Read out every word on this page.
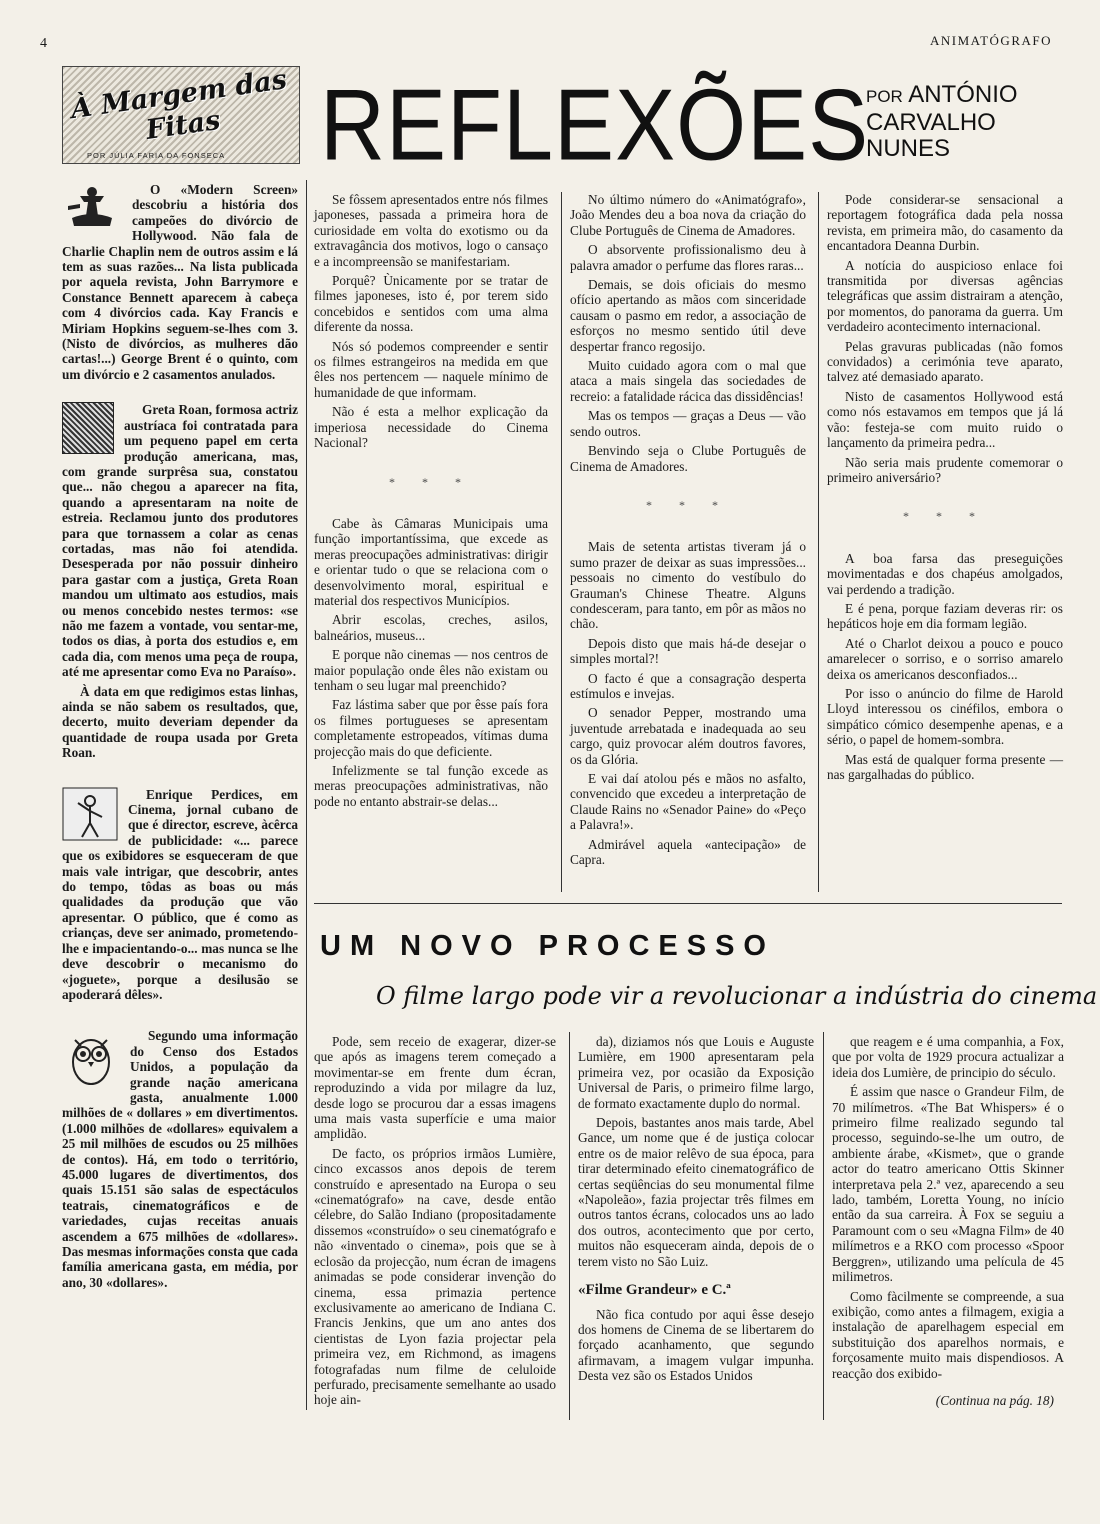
4	ANIMATÓGRAFO
À Margem das Fitas
POR JÚLIA FARIA DA FONSECA

O «Modern Screen» descobriu a história dos campeões do divórcio de Hollywood. Não fala de Charlie Chaplin nem de outros assim e lá tem as suas razões... Na lista publicada por aquela revista, John Barrymore e Constance Bennett aparecem à cabeça com 4 divórcios cada. Kay Francis e Miriam Hopkins seguem-se-lhes com 3. (Nisto de divórcios, as mulheres dão cartas!...) George Brent é o quinto, com um divórcio e 2 casamentos anulados.

Greta Roan, formosa actriz austríaca foi contratada para um pequeno papel em certa produção americana, mas, com grande surprêsa sua, constatou que... não chegou a aparecer na fita, quando a apresentaram na noite de estreia. Reclamou junto dos produtores para que tornassem a colar as cenas cortadas, mas não foi atendida. Desesperada por não possuir dinheiro para gastar com a justiça, Greta Roan mandou um ultimato aos estudios, mais ou menos concebido nestes termos: «se não me fazem a vontade, vou sentar-me, todos os dias, à porta dos estudios e, em cada dia, com menos uma peça de roupa, até me apresentar como Eva no Paraíso».

À data em que redigimos estas linhas, ainda se não sabem os resultados, que, decerto, muito deveriam depender da quantidade de roupa usada por Greta Roan.

Enrique Perdices, em Cinema, jornal cubano de que é director, escreve, àcêrca de publicidade: «... parece que os exibidores se esqueceram de que mais vale intrigar, que descobrir, antes do tempo, tôdas as boas ou más qualidades da produção que vão apresentar. O público, que é como as crianças, deve ser animado, prometendo-lhe e impacientando-o... mas nunca se lhe deve descobrir o mecanismo do «joguete», porque a desilusão se apoderará dêles».

Segundo uma informação do Censo dos Estados Unidos, a população da grande nação americana gasta, anualmente 1.000 milhões de « dollares » em divertimentos. (1.000 milhões de «dollares» equivalem a 25 mil milhões de escudos ou 25 milhões de contos). Há, em todo o território, 45.000 lugares de divertimentos, dos quais 15.151 são salas de espectáculos teatrais, cinematográficos e de variedades, cujas receitas anuais ascendem a 675 milhões de «dollares». Das mesmas informações consta que cada família americana gasta, em média, por ano, 30 «dollares».

REFLEXÕES
POR ANTÓNIO
CARVALHO
NUNES

Se fôssem apresentados entre nós filmes japoneses, passada a primeira hora de curiosidade em volta do exotismo ou da extravagância dos motivos, logo o cansaço e a incompreensão se manifestariam.

Porquê? Ùnicamente por se tratar de filmes japoneses, isto é, por terem sido concebidos e sentidos com uma alma diferente da nossa.

Nós só podemos compreender e sentir os filmes estrangeiros na medida em que êles nos pertencem — naquele mínimo de humanidade de que informam.

Não é esta a melhor explicação da imperiosa necessidade do Cinema Nacional?

* * *

Cabe às Câmaras Municipais uma função importantíssima, que excede as meras preocupações administrativas: dirigir e orientar tudo o que se relaciona com o desenvolvimento moral, espiritual e material dos respectivos Municípios.

Abrir escolas, creches, asilos, balneários, museus...

E porque não cinemas — nos centros de maior população onde êles não existam ou tenham o seu lugar mal preenchido?

Faz lástima saber que por êsse país fora os filmes portugueses se apresentam completamente estropeados, vítimas duma projecção mais do que deficiente.

Infelizmente se tal função excede as meras preocupações administrativas, não pode no entanto abstrair-se delas...

No último número do «Animatógrafo», João Mendes deu a boa nova da criação do Clube Português de Cinema de Amadores.

O absorvente profissionalismo deu à palavra amador o perfume das flores raras...

Demais, se dois oficiais do mesmo ofício apertando as mãos com sinceridade causam o pasmo em redor, a associação de esforços no mesmo sentido útil deve despertar franco regosijo.

Muito cuidado agora com o mal que ataca a mais singela das sociedades de recreio: a fatalidade rácica das dissidências!

Mas os tempos — graças a Deus — vão sendo outros.

Benvindo seja o Clube Português de Cinema de Amadores.

* * *

Mais de setenta artistas tiveram já o sumo prazer de deixar as suas impressões... pessoais no cimento do vestíbulo do Grauman's Chinese Theatre. Alguns condesceram, para tanto, em pôr as mãos no chão.

Depois disto que mais há-de desejar o simples mortal?!

O facto é que a consagração desperta estímulos e invejas.

O senador Pepper, mostrando uma juventude arrebatada e inadequada ao seu cargo, quiz provocar além doutros favores, os da Glória.

E vai daí atolou pés e mãos no asfalto, convencido que excedeu a interpretação de Claude Rains no «Senador Paine» do «Peço a Palavra!».

Admirável aquela «antecipação» de Capra.

Pode considerar-se sensacional a reportagem fotográfica dada pela nossa revista, em primeira mão, do casamento da encantadora Deanna Durbin.

A notícia do auspicioso enlace foi transmitida por diversas agências telegráficas que assim distrairam a atenção, por momentos, do panorama da guerra. Um verdadeiro acontecimento internacional.

Pelas gravuras publicadas (não fomos convidados) a cerimónia teve aparato, talvez até demasiado aparato.

Nisto de casamentos Hollywood está como nós estavamos em tempos que já lá vão: festeja-se com muito ruido o lançamento da primeira pedra...

Não seria mais prudente comemorar o primeiro aniversário?

* * *

A boa farsa das preseguições movimentadas e dos chapéus amolgados, vai perdendo a tradição.

E é pena, porque faziam deveras rir: os hepáticos hoje em dia formam legião.

Até o Charlot deixou a pouco e pouco amarelecer o sorriso, e o sorriso amarelo deixa os americanos desconfiados...

Por isso o anúncio do filme de Harold Lloyd interessou os cinéfilos, embora o simpático cómico desempenhe apenas, e a sério, o papel de homem-sombra.

Mas está de qualquer forma presente — nas gargalhadas do público.

UM NOVO PROCESSO
O filme largo pode vir a revolucionar a indústria do cinema

Pode, sem receio de exagerar, dizer-se que após as imagens terem começado a movimentar-se em frente dum écran, reproduzindo a vida por milagre da luz, desde logo se procurou dar a essas imagens uma mais vasta superfície e uma maior amplidão.

De facto, os próprios irmãos Lumière, cinco excassos anos depois de terem construído e apresentado na Europa o seu «cinematógrafo» na cave, desde então célebre, do Salão Indiano (propositadamente dissemos «construído» o seu cinematógrafo e não «inventado o cinema», pois que se à eclosão da projecção, num écran de imagens animadas se pode considerar invenção do cinema, essa primazia pertence exclusivamente ao americano de Indiana C. Francis Jenkins, que um ano antes dos cientistas de Lyon fazia projectar pela primeira vez, em Richmond, as imagens fotografadas num filme de celuloide perfurado, precisamente semelhante ao usado hoje ain-

da), diziamos nós que Louis e Auguste Lumière, em 1900 apresentaram pela primeira vez, por ocasião da Exposição Universal de Paris, o primeiro filme largo, de formato exactamente duplo do normal.

Depois, bastantes anos mais tarde, Abel Gance, um nome que é de justiça colocar entre os de maior relêvo de sua época, para tirar determinado efeito cinematográfico de certas seqüências do seu monumental filme «Napoleão», fazia projectar três filmes em outros tantos écrans, colocados uns ao lado dos outros, acontecimento que por certo, muitos não esqueceram ainda, depois de o terem visto no São Luiz.

«Filme Grandeur» e C.ª

Não fica contudo por aqui êsse desejo dos homens de Cinema de se libertarem do forçado acanhamento, que segundo afirmavam, a imagem vulgar impunha. Desta vez são os Estados Unidos

que reagem e é uma companhia, a Fox, que por volta de 1929 procura actualizar a ideia dos Lumière, de principio do século.

É assim que nasce o Grandeur Film, de 70 milímetros. «The Bat Whispers» é o primeiro filme realizado segundo tal processo, seguindo-se-lhe um outro, de ambiente árabe, «Kismet», que o grande actor do teatro americano Ottis Skinner interpretava pela 2.ª vez, aparecendo a seu lado, também, Loretta Young, no início então da sua carreira. À Fox se seguiu a Paramount com o seu «Magna Film» de 40 milímetros e a RKO com processo «Spoor Berggren», utilizando uma película de 45 milimetros.

Como fàcilmente se compreende, a sua exibição, como antes a filmagem, exigia a instalação de aparelhagem especial em substituição dos aparelhos normais, e forçosamente muito mais dispendiosos. A reacção dos exibido-

(Continua na pág. 18)
